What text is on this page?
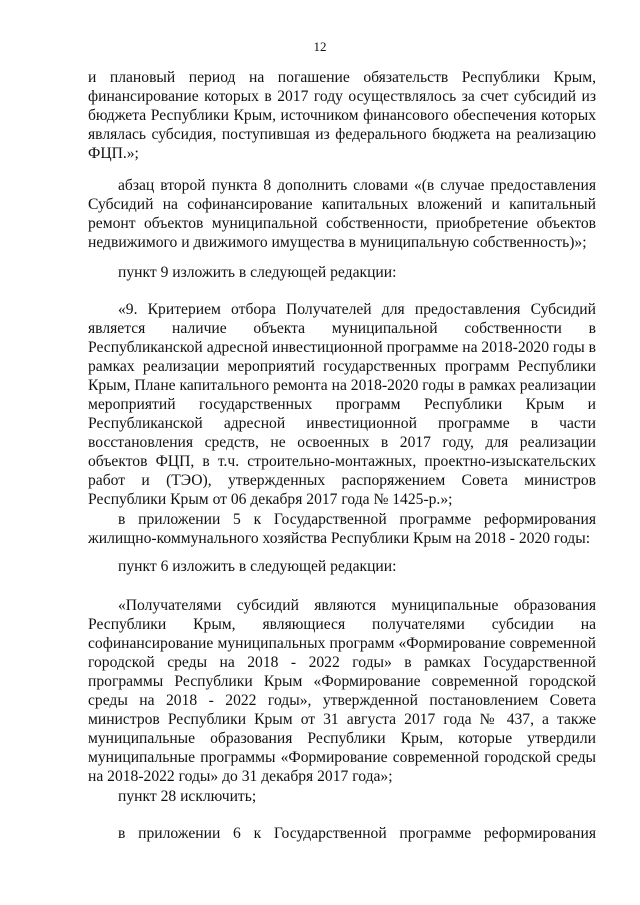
12

и плановый период на погашение обязательств Республики Крым, финансирование которых в 2017 году осуществлялось за счет субсидий из бюджета Республики Крым, источником финансового обеспечения которых являлась субсидия, поступившая из федерального бюджета на реализацию ФЦП.»;

абзац второй пункта 8 дополнить словами «(в случае предоставления Субсидий на софинансирование капитальных вложений и капитальный ремонт объектов муниципальной собственности, приобретение объектов недвижимого и движимого имущества в муниципальную собственность)»;

пункт 9 изложить в следующей редакции:

«9. Критерием отбора Получателей для предоставления Субсидий является наличие объекта муниципальной собственности в Республиканской адресной инвестиционной программе на 2018-2020 годы в рамках реализации мероприятий государственных программ Республики Крым, Плане капитального ремонта на 2018-2020 годы в рамках реализации мероприятий государственных программ Республики Крым и Республиканской адресной инвестиционной программе в части восстановления средств, не освоенных в 2017 году, для реализации объектов ФЦП, в т.ч. строительно-монтажных, проектно-изыскательских работ и (ТЭО), утвержденных распоряжением Совета министров Республики Крым от 06 декабря 2017 года № 1425-р.»;

в приложении 5 к Государственной программе реформирования жилищно-коммунального хозяйства Республики Крым на 2018 - 2020 годы:

пункт 6 изложить в следующей редакции:

«Получателями субсидий являются муниципальные образования Республики Крым, являющиеся получателями субсидии на софинансирование муниципальных программ «Формирование современной городской среды на 2018 - 2022 годы» в рамках Государственной программы Республики Крым «Формирование современной городской среды на 2018 - 2022 годы», утвержденной постановлением Совета министров Республики Крым от 31 августа 2017 года № 437, а также муниципальные образования Республики Крым, которые утвердили муниципальные программы «Формирование современной городской среды на 2018-2022 годы» до 31 декабря 2017 года»;

пункт 28 исключить;

в приложении 6 к Государственной программе реформирования
